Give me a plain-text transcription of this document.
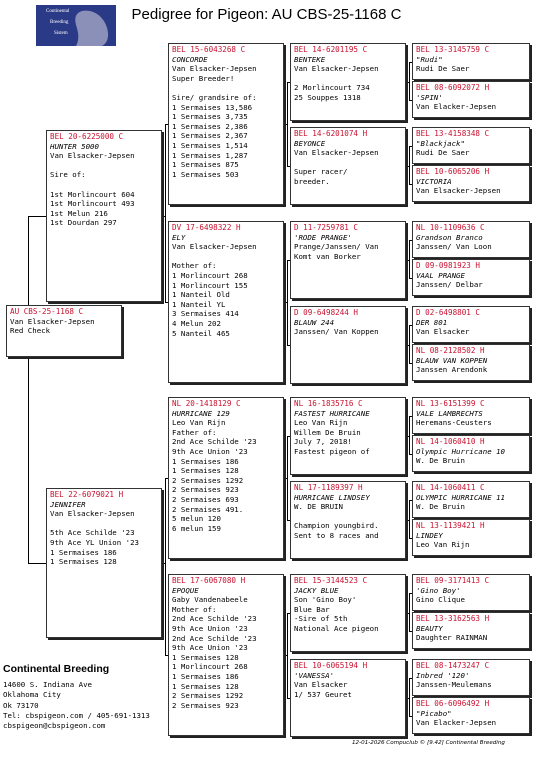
Pedigree for Pigeon: AU CBS-25-1168 C
Continental
Breeding
Sistem
AU CBS-25-1168 C
Van Elsacker-Jepsen
Red Check
BEL 20-6225000 C
HUNTER 5000
Van Elsacker-Jepsen
Sire of:
1st Morlincourt 604
1st Morlincourt 493
1st Melun 216
1st Dourdan 297
BEL 22-6079021 H
JENNIFER
Van Elsacker-Jepsen
5th Ace Schilde '23
9th Ace YL Union '23
1 Sermaises 186
1 Sermaises 128
BEL 15-6043268 C
CONCORDE
Van Elsacker-Jepsen
Super Breeder!
Sire/ grandsire of:
1 Sermaises 13,586
1 Sermaises 3,735
1 Sermaises 2,386
1 Sermaises 2,367
1 Sermaises 1,514
1 Sermaises 1,287
1 Sermaises 875
1 Sermaises 503
DV 17-6498322 H
ELY
Van Elsacker-Jepsen
Mother of:
1 Morlincourt 268
1 Morlincourt 155
1 Nanteil Old
1 Nanteil YL
3 Sermaises 414
4 Melun 202
5 Nanteil 465
NL 20-1418129 C
HURRICANE 129
Leo Van Rijn
Father of:
2nd Ace Schilde '23
9th Ace Union '23
1 Sermaises 186
1 Sermaises 128
2 Sermaises 1292
2 Sermaises 923
2 Sermaises 693
2 Sermaises 491.
5 melun 120
6 melun 159
BEL 17-6067080 H
EPOQUE
Gaby Vandenabeele
Mother of:
2nd Ace Schilde '23
9th Ace Union '23
2nd Ace Schilde '23
9th Ace Union '23
1 Sermaises 128
1 Morlincourt 268
1 Sermaises 186
1 Sermaises 128
2 Sermaises 1292
2 Sermaises 923
BEL 14-6201195 C
BENTEKE
Van Elsacker-Jepsen
2 Morlincourt 734
25 Souppes 1318
BEL 14-6201074 H
BEYONCE
Van Elsacker-Jepsen
Super racer/
breeder.
D 11-7259781 C
'RODE PRANGE'
Prange/Janssen/ Van
Komt van Borker
D 09-6498244 H
BLAUW 244
Janssen/ Van Koppen
NL 16-1835716 C
FASTEST HURRICANE
Leo Van Rijn
Willem De Bruin
July 7, 2018!
Fastest pigeon of
NL 17-1189397 H
HURRICANE LINDSEY
W. DE BRUIN
Champion youngbird.
Sent to 8 races and
BEL 15-3144523 C
JACKY BLUE
Son 'Gino Boy'
Blue Bar
-Sire of 5th
National Ace pigeon
BEL 10-6065194 H
'VANESSA'
Van Elsacker
1/ 537 Geuret
BEL 13-3145759 C
"Rudi"
Rudi De Saer
BEL 08-6092072 H
'SPIN'
Van Elacker-Jepsen
BEL 13-4158348 C
"Blackjack"
Rudi De Saer
BEL 10-6065206 H
VICTORIA
Van Elsacker-Jepsen
NL 10-1109636 C
Grandson Branco
Janssen/ Van Loon
D 09-0981923 H
VAAL PRANGE
Janssen/ Delbar
D 02-6498801 C
DER 801
Van Elsacker
NL 08-2128502 H
BLAUW VAN KOPPEN
Janssen Arendonk
NL 13-6151399 C
VALE LAMBRECHTS
Heremans-Ceusters
NL 14-1060410 H
Olympic Hurricane 10
W. De Bruin
NL 14-1060411 C
OLYMPIC HURRICANE 11
W. De Bruin
NL 13-1139421 H
LINDEY
Leo Van Rijn
BEL 09-3171413 C
'Gino Boy'
Gino Clique
BEL 13-3162563 H
BEAUTY
Daughter RAINMAN
BEL 08-1473247 C
Inbred '120'
Janssen-Meulemans
BEL 06-6096492 H
"Picabo"
Van Elacker-Jepsen
Continental Breeding
14600 S. Indiana Ave
Oklahoma City
Ok 73170
Tel: cbspigeon.com / 405-691-1313
cbspigeon@cbspigeon.com
12-01-2026 Compuclub © [9.42] Continental Breeding
